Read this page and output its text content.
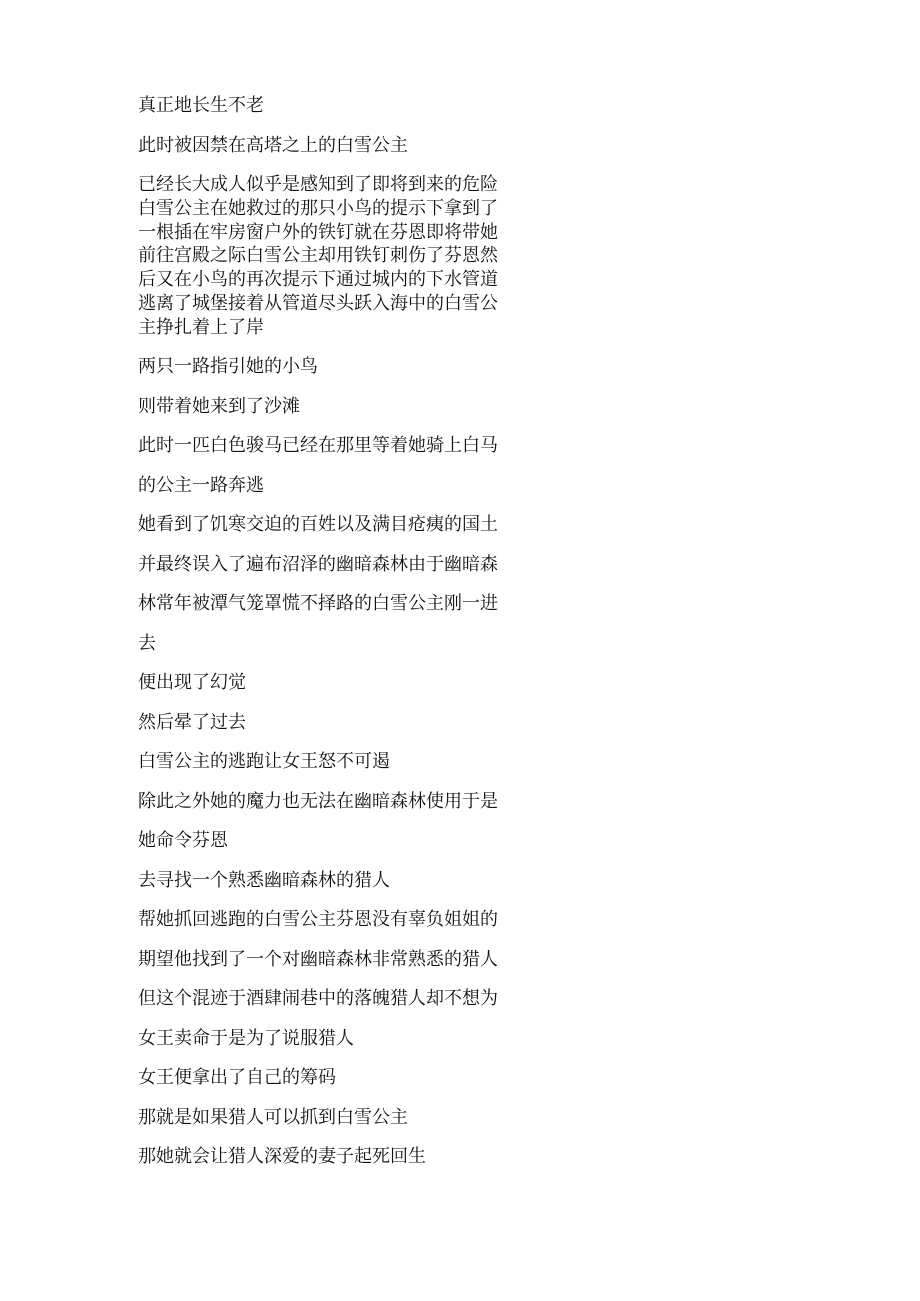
真正地长生不老

此时被因禁在高塔之上的白雪公主

已经长大成人似乎是感知到了即将到来的危险
白雪公主在她救过的那只小鸟的提示下拿到了
一根插在牢房窗户外的铁钉就在芬恩即将带她
前往宫殿之际白雪公主却用铁钉刺伤了芬恩然
后又在小鸟的再次提示下通过城内的下水管道
逃离了城堡接着从管道尽头跃入海中的白雪公
主挣扎着上了岸

两只一路指引她的小鸟

则带着她来到了沙滩

此时一匹白色骏马已经在那里等着她骑上白马

的公主一路奔逃

她看到了饥寒交迫的百姓以及满目疮痍的国土

并最终误入了遍布沼泽的幽暗森林由于幽暗森

林常年被潭气笼罩慌不择路的白雪公主刚一进

去

便出现了幻觉

然后晕了过去

白雪公主的逃跑让女王怒不可遏

除此之外她的魔力也无法在幽暗森林使用于是

她命令芬恩

去寻找一个熟悉幽暗森林的猎人

帮她抓回逃跑的白雪公主芬恩没有辜负姐姐的

期望他找到了一个对幽暗森林非常熟悉的猎人

但这个混迹于酒肆闹巷中的落魄猎人却不想为

女王卖命于是为了说服猎人

女王便拿出了自己的筹码

那就是如果猎人可以抓到白雪公主

那她就会让猎人深爱的妻子起死回生
